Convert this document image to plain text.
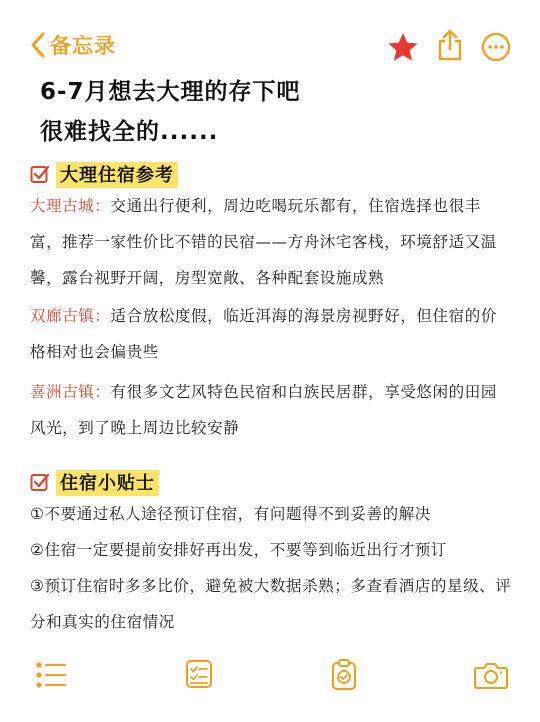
备忘录
6-7月想去大理的存下吧
很难找全的......
大理住宿参考
大理古城：交通出行便利，周边吃喝玩乐都有，住宿选择也很丰富，推荐一家性价比不错的民宿——方舟沐宅客栈，环境舒适又温馨，露台视野开阔，房型宽敞、各种配套设施成熟
双廊古镇：适合放松度假，临近洱海的海景房视野好，但住宿的价格相对也会偏贵些
喜洲古镇：有很多文艺风特色民宿和白族民居群，享受悠闲的田园风光，到了晚上周边比较安静
住宿小贴士
①不要通过私人途径预订住宿，有问题得不到妥善的解决
②住宿一定要提前安排好再出发，不要等到临近出行才预订
③预订住宿时多多比价，避免被大数据杀熟；多查看酒店的星级、评分和真实的住宿情况
